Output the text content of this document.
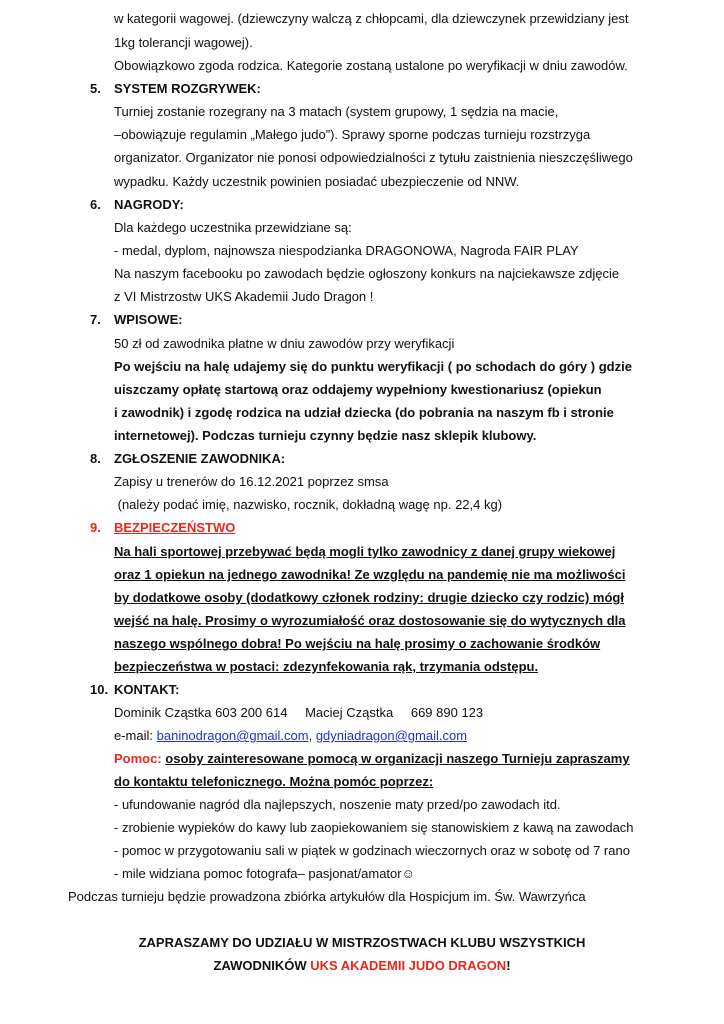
w kategorii wagowej. (dziewczyny walczą z chłopcami, dla dziewczynek przewidziany jest
1kg tolerancji wagowej).
Obowiązkowo zgoda rodzica. Kategorie zostaną ustalone po weryfikacji w dniu zawodów.
5. SYSTEM ROZGRYWEK:
Turniej zostanie rozegrany na 3 matach (system grupowy, 1 sędzia na macie,
–obowiązuje regulamin „Małego judo”). Sprawy sporne podczas turnieju rozstrzyga
organizator. Organizator nie ponosi odpowiedzialności z tytułu zaistnienia nieszczęśliwego
wypadku. Każdy uczestnik powinien posiadać ubezpieczenie od NNW.
6. NAGRODY:
Dla każdego uczestnika przewidziane są:
- medal, dyplom, najnowsza niespodzianka DRAGONOWA, Nagroda FAIR PLAY
Na naszym facebooku po zawodach będzie ogłoszony konkurs na najciekawsze zdjęcie
z VI Mistrzostw UKS Akademii Judo Dragon !
7. WPISOWE:
50 zł od zawodnika płatne w dniu zawodów przy weryfikacji
Po wejściu na halę udajemy się do punktu weryfikacji ( po schodach do góry ) gdzie
uiszczamy opłatę startową oraz oddajemy wypełniony kwestionariusz (opiekun
i zawodnik) i zgodę rodzica na udział dziecka (do pobrania na naszym fb i stronie
internetowej). Podczas turnieju czynny będzie nasz sklepik klubowy.
8. ZGŁOSZENIE ZAWODNIKA:
Zapisy u trenerów do 16.12.2021 poprzez smsa
(należy podać imię, nazwisko, rocznik, dokładną wagę np. 22,4 kg)
9. BEZPIECZEŃSTWO
Na hali sportowej przebywać będą mogli tylko zawodnicy z danej grupy wiekowej
oraz 1 opiekun na jednego zawodnika! Ze względu na pandemię nie ma możliwości
by dodatkowe osoby (dodatkowy członek rodziny: drugie dziecko czy rodzic) mógł
wejść na halę. Prosimy o wyrozumiałość oraz dostosowanie się do wytycznych dla
naszego wspólnego dobra! Po wejściu na halę prosimy o zachowanie środków
bezpieczeństwa w postaci: zdezynfekowania rąk, trzymania odstępu.
10. KONTAKT:
Dominik Cząstka 603 200 614 Maciej Cząstka 669 890 123
e-mail: baninodragon@gmail.com, gdyniadragon@gmail.com
Pomoc: osoby zainteresowane pomocą w organizacji naszego Turnieju zapraszamy
do kontaktu telefonicznego. Można pomóc poprzez:
- ufundowanie nagród dla najlepszych, noszenie maty przed/po zawodach itd.
- zrobienie wypieków do kawy lub zaopiekowaniem się stanowiskiem z kawą na zawodach
- pomoc w przygotowaniu sali w piątek w godzinach wieczornych oraz w sobotę od 7 rano
- mile widziana pomoc fotografa– pasjonat/amator☺
Podczas turnieju będzie prowadzona zbiórka artykułów dla Hospicjum im. Św. Wawrzyńca
ZAPRASZAMY DO UDZIAŁU W MISTRZOSTWACH KLUBU WSZYSTKICH
ZAWODNIKÓW UKS AKADEMII JUDO DRAGON!
